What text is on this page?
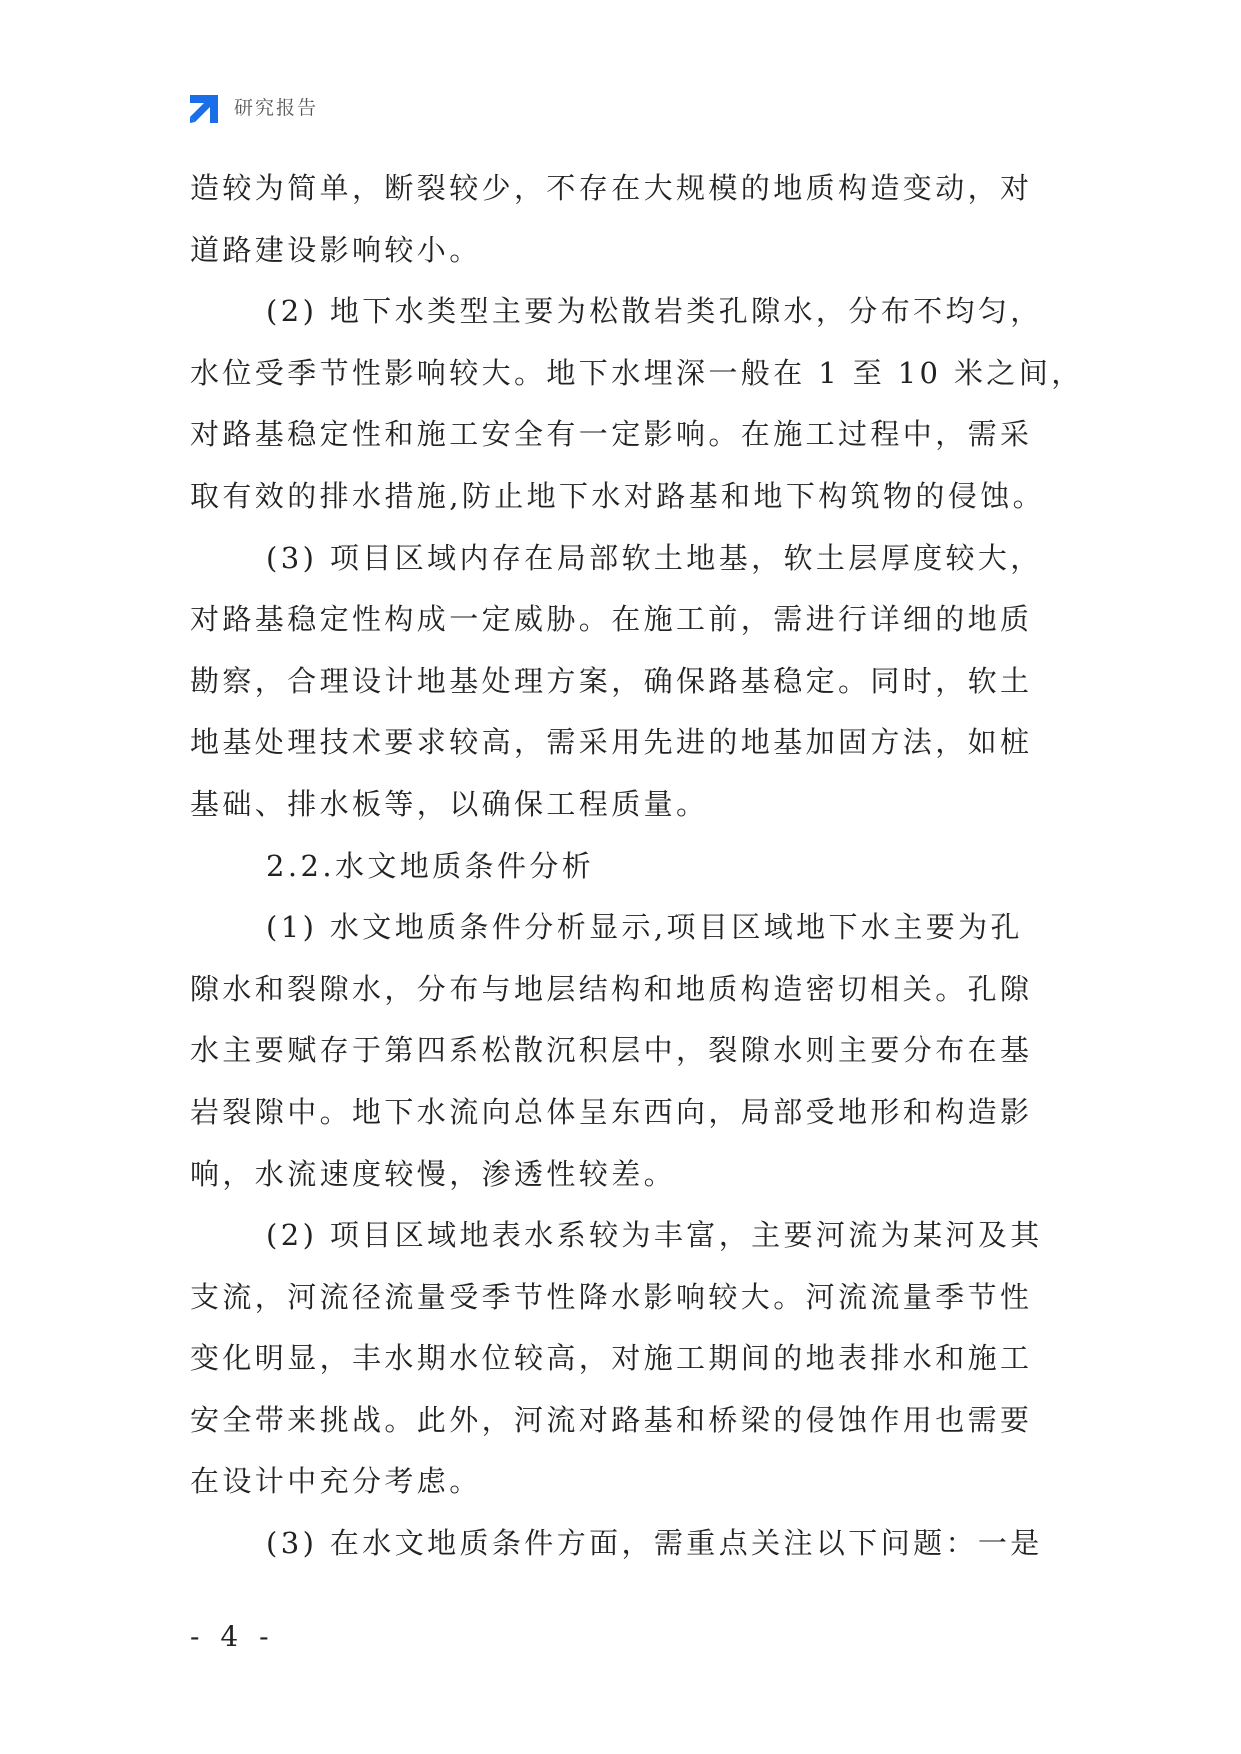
研究报告

造较为简单，断裂较少，不存在大规模的地质构造变动，对

道路建设影响较小。

(2) 地下水类型主要为松散岩类孔隙水，分布不均匀，

水位受季节性影响较大。地下水埋深一般在 1 至 10 米之间，

对路基稳定性和施工安全有一定影响。在施工过程中，需采

取有效的排水措施,防止地下水对路基和地下构筑物的侵蚀。

(3) 项目区域内存在局部软土地基，软土层厚度较大，

对路基稳定性构成一定威胁。在施工前，需进行详细的地质

勘察，合理设计地基处理方案，确保路基稳定。同时，软土

地基处理技术要求较高，需采用先进的地基加固方法，如桩

基础、排水板等，以确保工程质量。

2.2.水文地质条件分析

(1) 水文地质条件分析显示,项目区域地下水主要为孔

隙水和裂隙水，分布与地层结构和地质构造密切相关。孔隙

水主要赋存于第四系松散沉积层中，裂隙水则主要分布在基

岩裂隙中。地下水流向总体呈东西向，局部受地形和构造影

响，水流速度较慢，渗透性较差。

(2) 项目区域地表水系较为丰富，主要河流为某河及其

支流，河流径流量受季节性降水影响较大。河流流量季节性

变化明显，丰水期水位较高，对施工期间的地表排水和施工

安全带来挑战。此外，河流对路基和桥梁的侵蚀作用也需要

在设计中充分考虑。

(3) 在水文地质条件方面，需重点关注以下问题：一是

- 4 -
